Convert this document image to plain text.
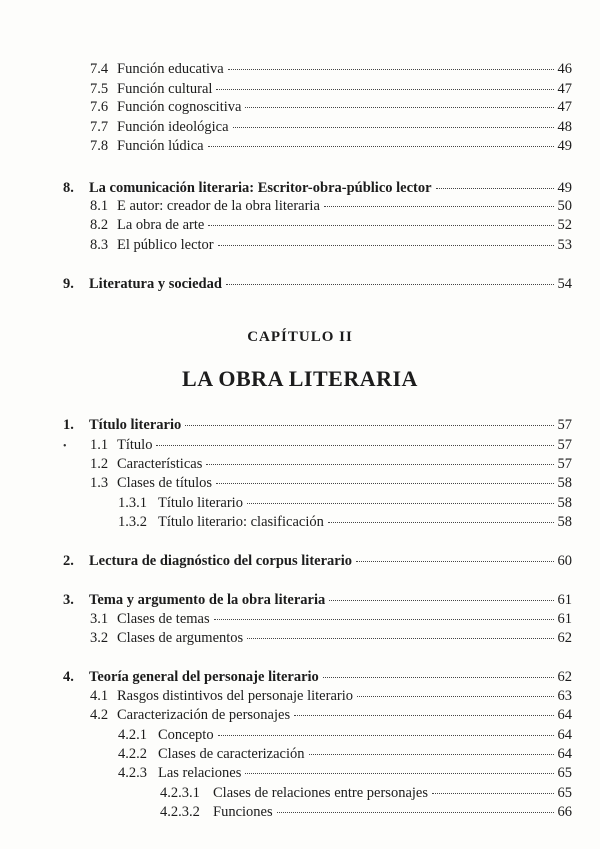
7.4 Función educativa	46
7.5 Función cultural	47
7.6 Función cognoscitiva	47
7.7 Función ideológica	48
7.8 Función lúdica	49
8.	La comunicación literaria: Escritor-obra-público lector	49
8.1 E autor: creador de la obra literaria	50
8.2 La obra de arte	52
8.3 El público lector	53
9.	Literatura y sociedad	54
CAPÍTULO II
LA OBRA LITERARIA
•
1.	Título literario	57
1.1 Título	57
1.2 Características	57
1.3 Clases de títulos	58
1.3.1 Título literario	58
1.3.2 Título literario: clasificación	58
2.	Lectura de diagnóstico del corpus literario	60
3.	Tema y argumento de la obra literaria	61
3.1 Clases de temas	61
3.2 Clases de argumentos	62
4.	Teoría general del personaje literario	62
4.1 Rasgos distintivos del personaje literario	63
4.2 Caracterización de personajes	64
4.2.1 Concepto	64
4.2.2 Clases de caracterización	64
4.2.3 Las relaciones	65
4.2.3.1 Clases de relaciones entre personajes	65
4.2.3.2 Funciones	66
